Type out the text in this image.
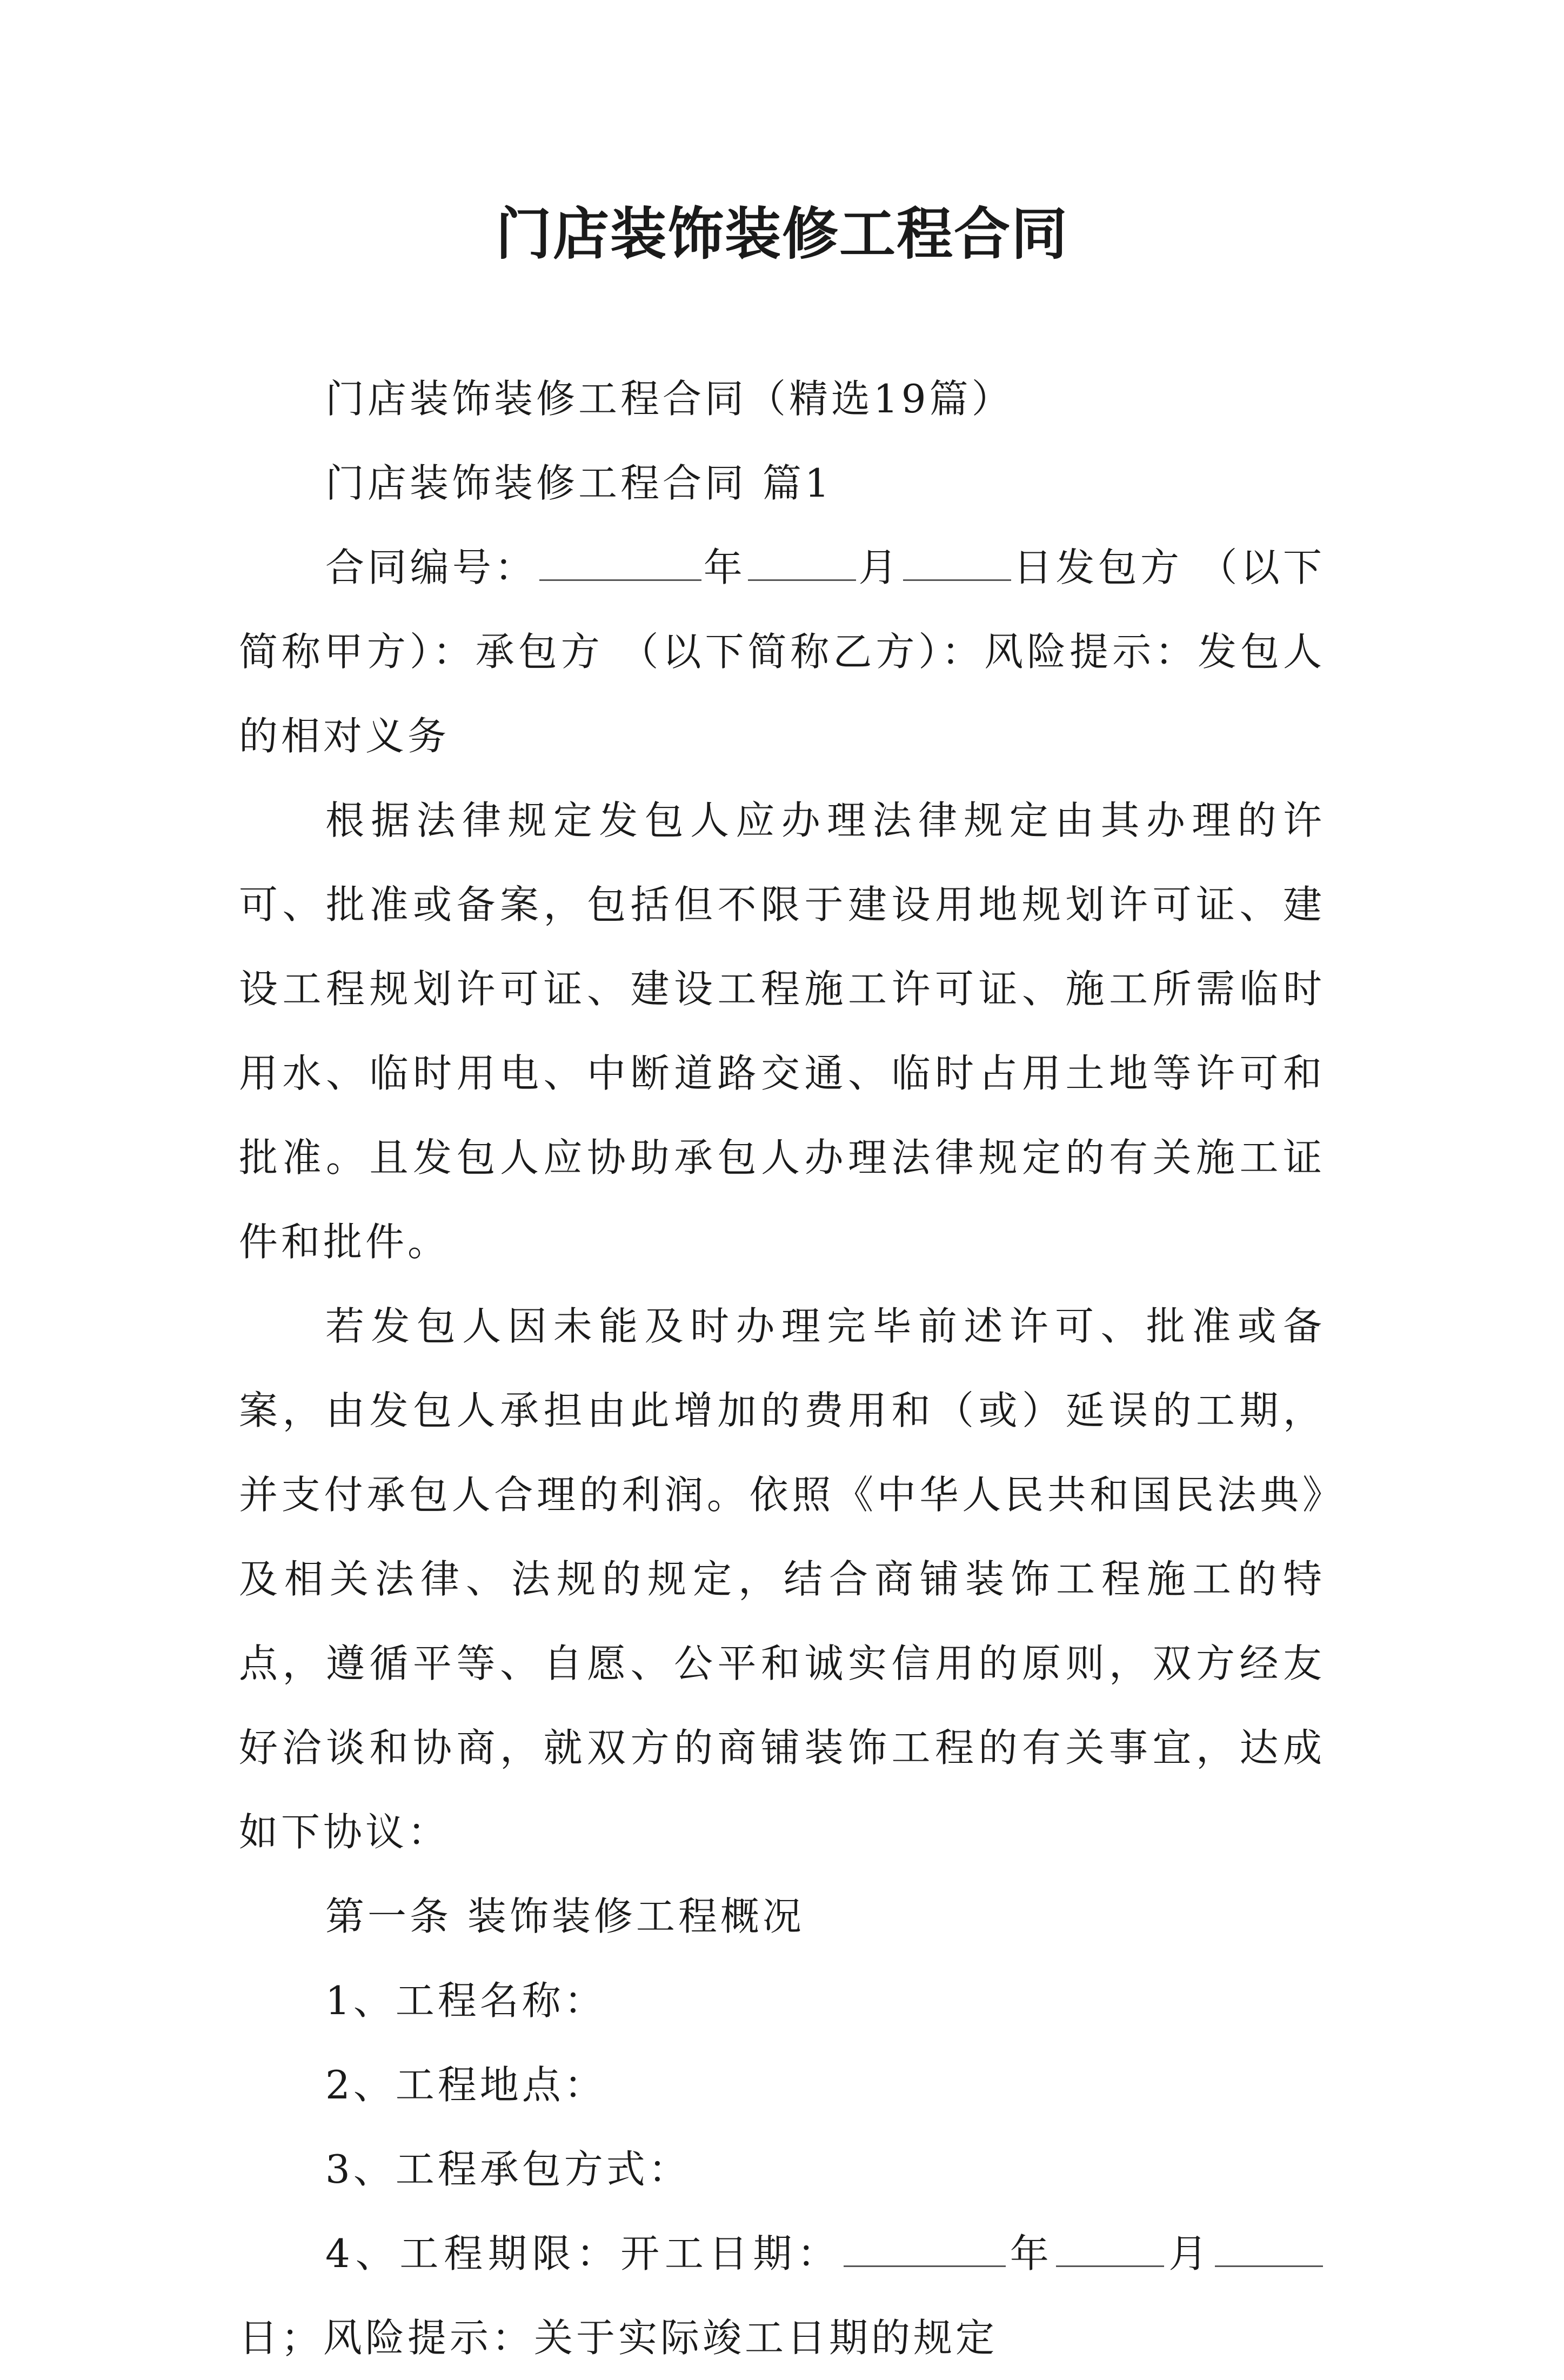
门店装饰装修工程合同

门店装饰装修工程合同（精选19篇）

门店装饰装修工程合同 篇1

合同编号：	年	月	日发包方 （以下简称甲方）：承包方 （以下简称乙方）：风险提示：发包人的相对义务

根据法律规定发包人应办理法律规定由其办理的许可、批准或备案，包括但不限于建设用地规划许可证、建设工程规划许可证、建设工程施工许可证、施工所需临时用水、临时用电、中断道路交通、临时占用土地等许可和批准。且发包人应协助承包人办理法律规定的有关施工证件和批件。

若发包人因未能及时办理完毕前述许可、批准或备案，由发包人承担由此增加的费用和（或）延误的工期，并支付承包人合理的利润。依照《中华人民共和国民法典》及相关法律、法规的规定，结合商铺装饰工程施工的特点，遵循平等、自愿、公平和诚实信用的原则，双方经友好洽谈和协商，就双方的商铺装饰工程的有关事宜，达成如下协议：

第一条 装饰装修工程概况

1、工程名称：

2、工程地点：

3、工程承包方式：

4、工程期限：开工日期：	年	月日；风险提示：关于实际竣工日期的规定
